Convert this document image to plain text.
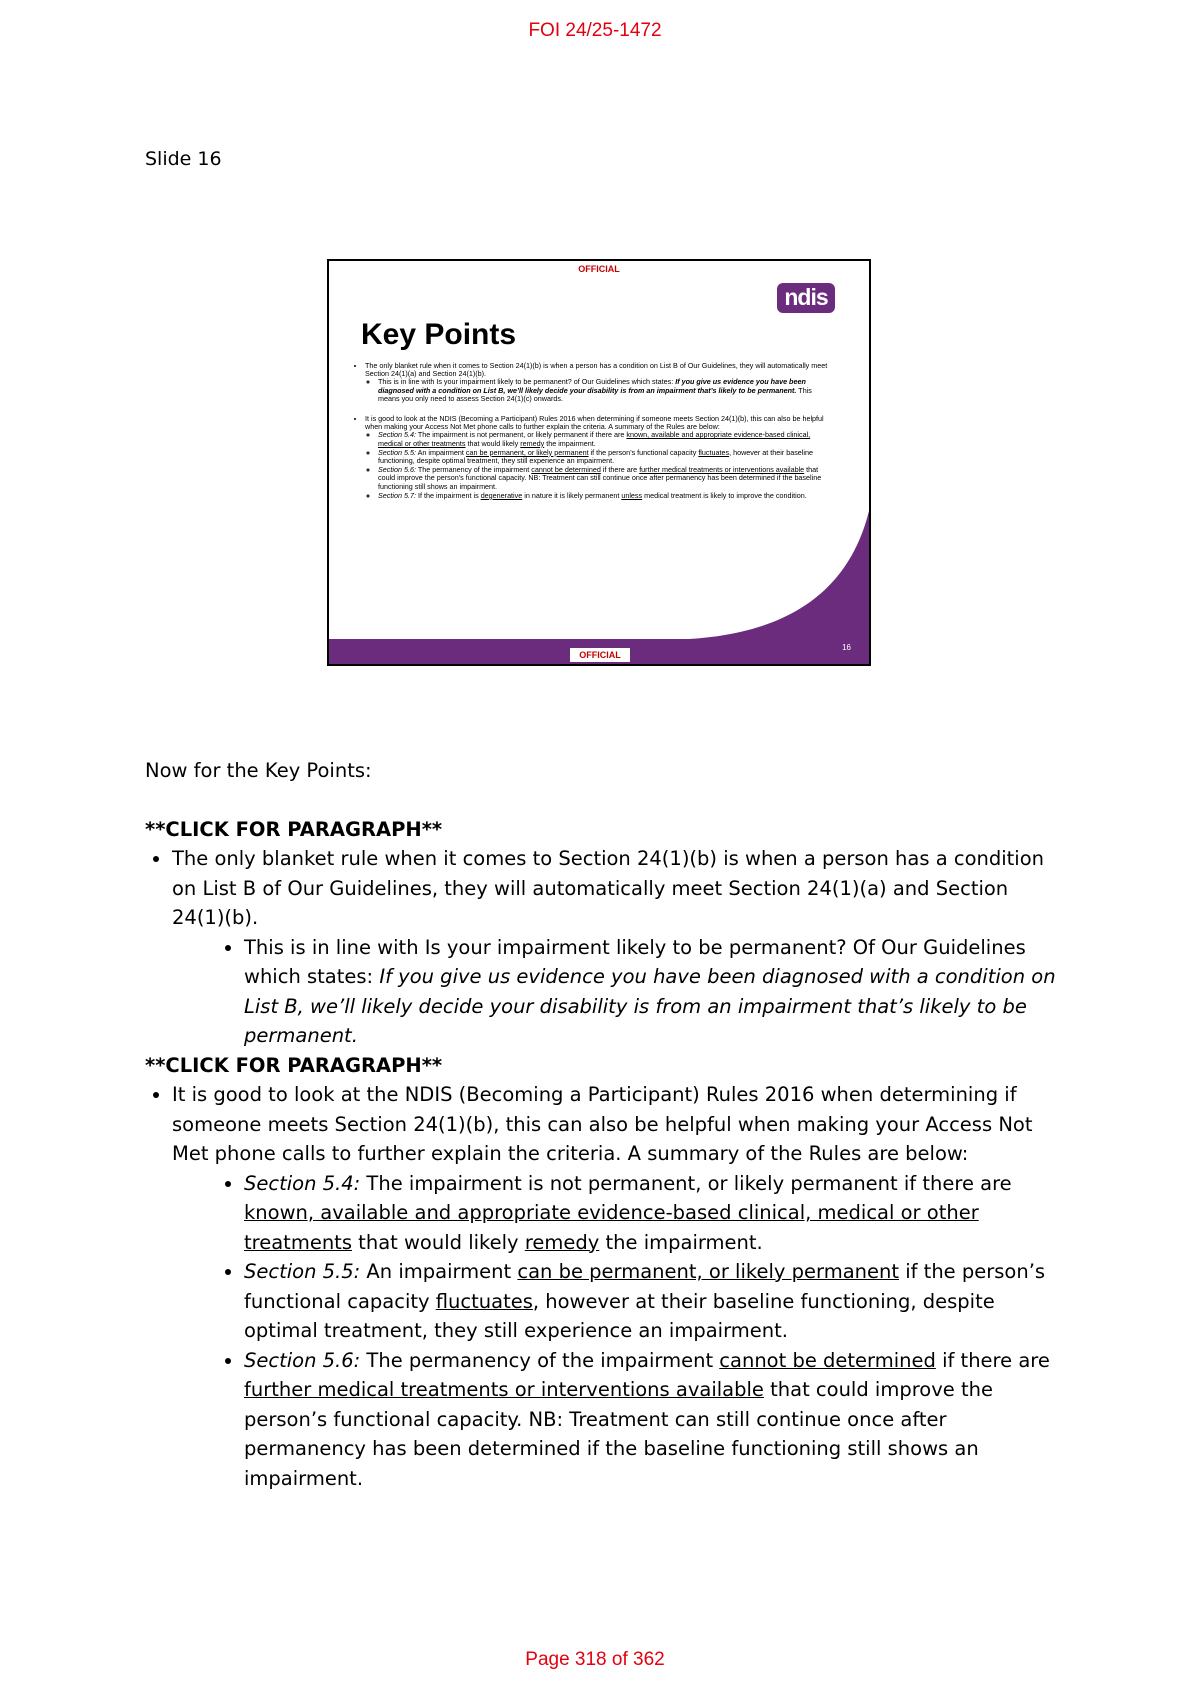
FOI 24/25-1472
Slide 16
OFFICIAL
ndis
Key Points
• The only blanket rule when it comes to Section 24(1)(b) is when a person has a condition on List B of Our Guidelines, they will automatically meet Section 24(1)(a) and Section 24(1)(b).
◦ This is in line with Is your impairment likely to be permanent? of Our Guidelines which states: If you give us evidence you have been diagnosed with a condition on List B, we’ll likely decide your disability is from an impairment that’s likely to be permanent. This means you only need to assess Section 24(1)(c) onwards.
• It is good to look at the NDIS (Becoming a Participant) Rules 2016 when determining if someone meets Section 24(1)(b), this can also be helpful when making your Access Not Met phone calls to further explain the criteria. A summary of the Rules are below:
◦ Section 5.4: The impairment is not permanent, or likely permanent if there are known, available and appropriate evidence-based clinical, medical or other treatments that would likely remedy the impairment.
◦ Section 5.5: An impairment can be permanent, or likely permanent if the person’s functional capacity fluctuates, however at their baseline functioning, despite optimal treatment, they still experience an impairment.
◦ Section 5.6: The permanency of the impairment cannot be determined if there are further medical treatments or interventions available that could improve the person’s functional capacity. NB: Treatment can still continue once after permanency has been determined if the baseline functioning still shows an impairment.
◦ Section 5.7: If the impairment is degenerative in nature it is likely permanent unless medical treatment is likely to improve the condition.
OFFICIAL
16

Now for the Key Points:

**CLICK FOR PARAGRAPH**

• The only blanket rule when it comes to Section 24(1)(b) is when a person has a condition on List B of Our Guidelines, they will automatically meet Section 24(1)(a) and Section 24(1)(b).
• This is in line with Is your impairment likely to be permanent? Of Our Guidelines which states: If you give us evidence you have been diagnosed with a condition on List B, we’ll likely decide your disability is from an impairment that’s likely to be permanent.

**CLICK FOR PARAGRAPH**

• It is good to look at the NDIS (Becoming a Participant) Rules 2016 when determining if someone meets Section 24(1)(b), this can also be helpful when making your Access Not Met phone calls to further explain the criteria. A summary of the Rules are below:
• Section 5.4: The impairment is not permanent, or likely permanent if there are known, available and appropriate evidence-based clinical, medical or other treatments that would likely remedy the impairment.
• Section 5.5: An impairment can be permanent, or likely permanent if the person’s functional capacity fluctuates, however at their baseline functioning, despite optimal treatment, they still experience an impairment.
• Section 5.6: The permanency of the impairment cannot be determined if there are further medical treatments or interventions available that could improve the person’s functional capacity. NB: Treatment can still continue once after permanency has been determined if the baseline functioning still shows an impairment.
Page 318 of 362
